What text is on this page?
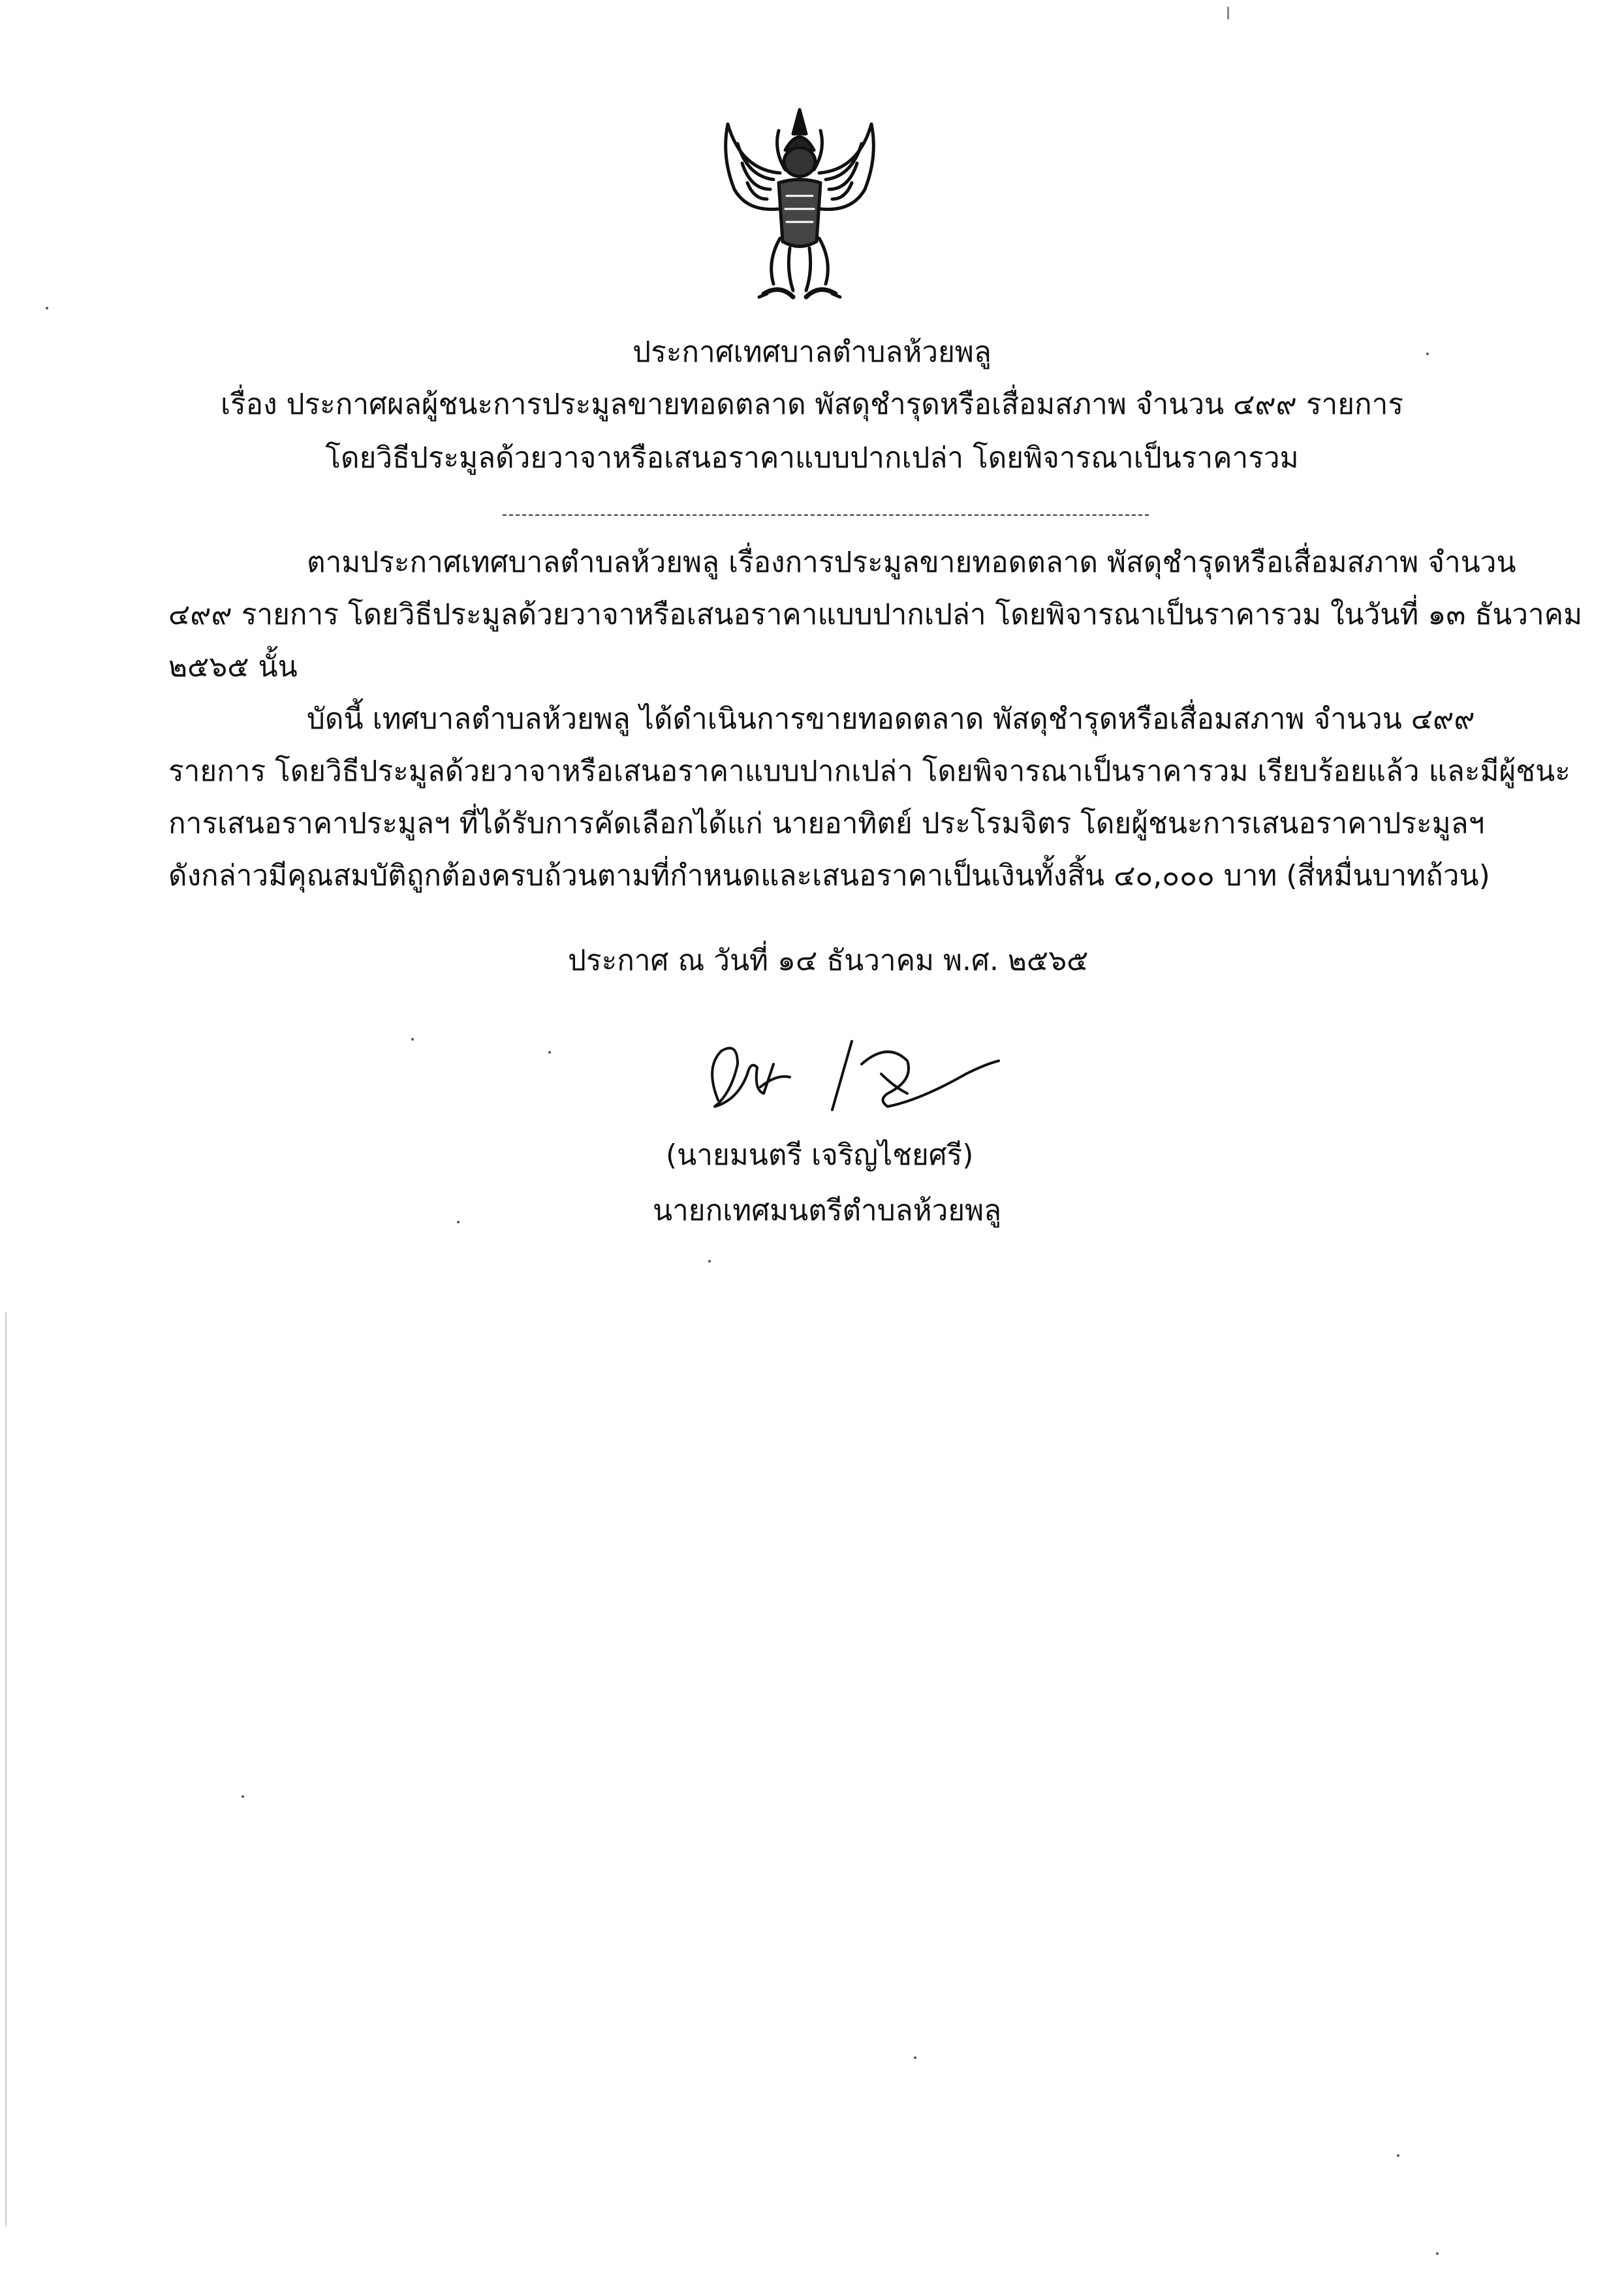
ประกาศเทศบาลตำบลห้วยพลู
เรื่อง ประกาศผลผู้ชนะการประมูลขายทอดตลาด พัสดุชำรุดหรือเสื่อมสภาพ จำนวน ๔๙๙ รายการ
โดยวิธีประมูลด้วยวาจาหรือเสนอราคาแบบปากเปล่า โดยพิจารณาเป็นราคารวม
ตามประกาศเทศบาลตำบลห้วยพลู เรื่องการประมูลขายทอดตลาด พัสดุชำรุดหรือเสื่อมสภาพ จำนวน
๔๙๙ รายการ โดยวิธีประมูลด้วยวาจาหรือเสนอราคาแบบปากเปล่า โดยพิจารณาเป็นราคารวม ในวันที่ ๑๓ ธันวาคม
๒๕๖๕ นั้น
บัดนี้ เทศบาลตำบลห้วยพลู ได้ดำเนินการขายทอดตลาด พัสดุชำรุดหรือเสื่อมสภาพ จำนวน ๔๙๙
รายการ โดยวิธีประมูลด้วยวาจาหรือเสนอราคาแบบปากเปล่า โดยพิจารณาเป็นราคารวม เรียบร้อยแล้ว และมีผู้ชนะ
การเสนอราคาประมูลฯ ที่ได้รับการคัดเลือกได้แก่ นายอาทิตย์ ประโรมจิตร โดยผู้ชนะการเสนอราคาประมูลฯ
ดังกล่าวมีคุณสมบัติถูกต้องครบถ้วนตามที่กำหนดและเสนอราคาเป็นเงินทั้งสิ้น ๔๐,๐๐๐ บาท (สี่หมื่นบาทถ้วน)
ประกาศ ณ วันที่ ๑๔ ธันวาคม พ.ศ. ๒๕๖๕
(นายมนตรี เจริญไชยศรี)
นายกเทศมนตรีตำบลห้วยพลู
